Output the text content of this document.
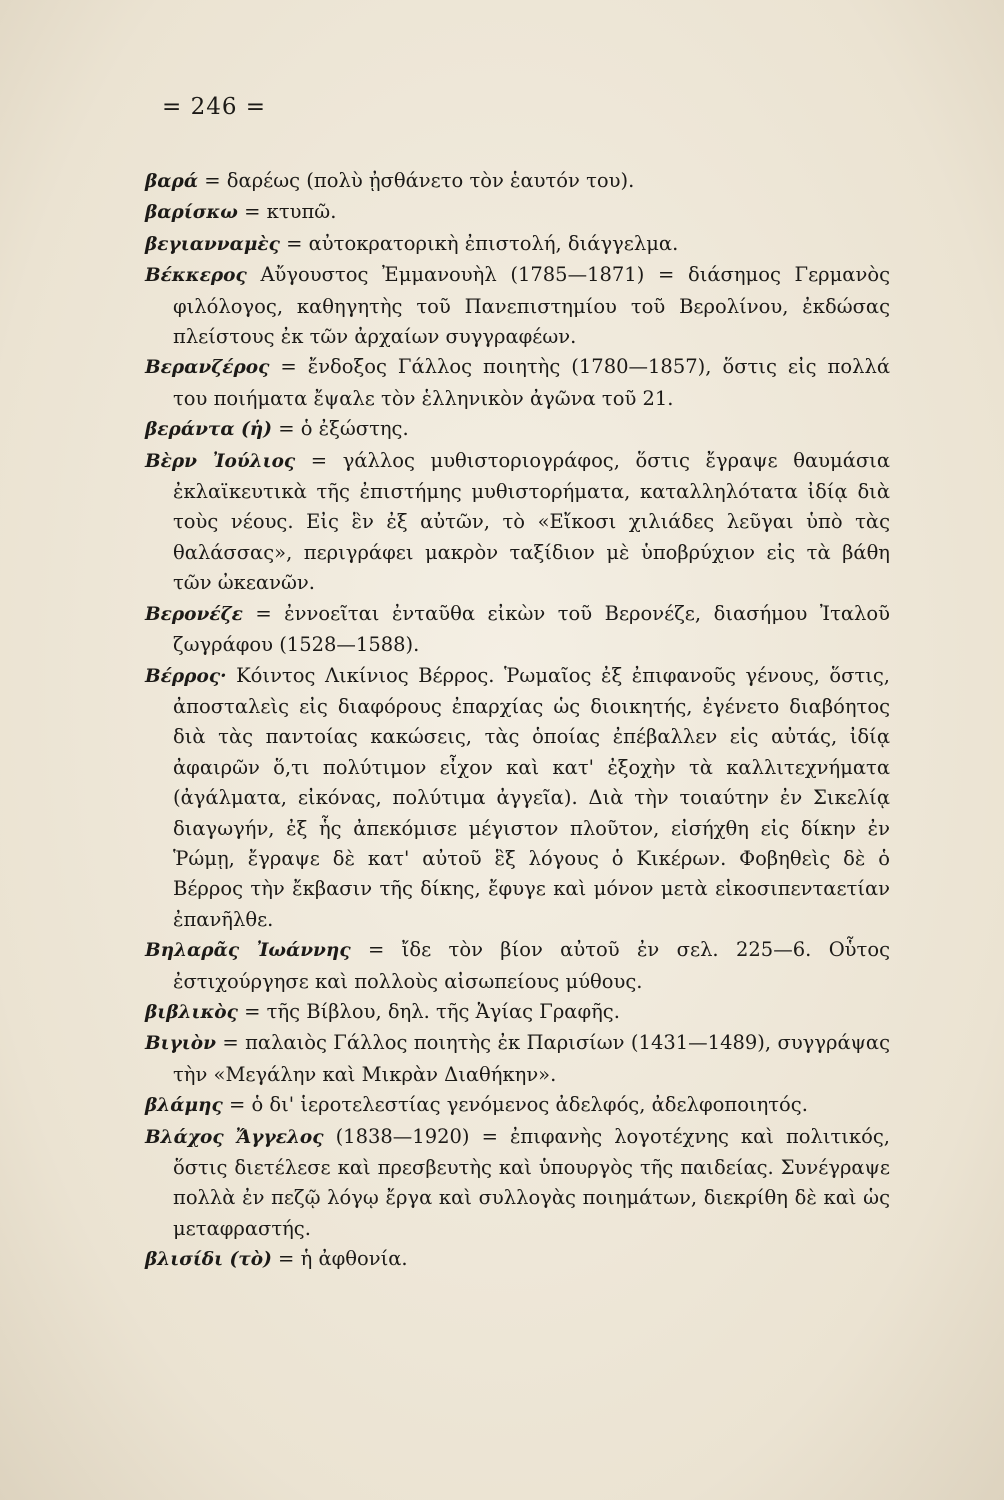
= 246 =

βαρά = δαρέως (πολὺ ᾐσθάνετο τὸν ἑαυτόν του).

βαρίσκω = κτυπῶ.

βεγιανναμὲς = αὐτοκρατορικὴ ἐπιστολή, διάγγελμα.

Βέκκερος Αὔγουστος Ἐμμανουὴλ (1785—1871) = διάσημος Γερμανὸς φιλόλογος, καθηγητὴς τοῦ Πανεπιστημίου τοῦ Βερολίνου, ἐκδώσας πλείστους ἐκ τῶν ἀρχαίων συγγραφέων.

Βερανζέρος = ἔνδοξος Γάλλος ποιητὴς (1780—1857), ὅστις εἰς πολλά του ποιήματα ἔψαλε τὸν ἑλληνικὸν ἀγῶνα τοῦ 21.

βεράντα (ἡ) = ὁ ἐξώστης.

Βὲρν Ἰούλιος = γάλλος μυθιστοριογράφος, ὅστις ἔγραψε θαυμάσια ἐκλαϊκευτικὰ τῆς ἐπιστήμης μυθιστορήματα, καταλληλότατα ἰδίᾳ διὰ τοὺς νέους. Εἰς ἓν ἐξ αὐτῶν, τὸ «Εἴκοσι χιλιάδες λεῦγαι ὑπὸ τὰς θαλάσσας», περιγράφει μακρὸν ταξίδιον μὲ ὑποβρύχιον εἰς τὰ βάθη τῶν ὠκεανῶν.

Βερονέζε = ἐννοεῖται ἐνταῦθα εἰκὼν τοῦ Βερονέζε, διασήμου Ἰταλοῦ ζωγράφου (1528—1588).

Βέρρος· Κόιντος Λικίνιος Βέρρος. Ῥωμαῖος ἐξ ἐπιφανοῦς γένους, ὅστις, ἀποσταλεὶς εἰς διαφόρους ἐπαρχίας ὡς διοικητής, ἐγένετο διαβόητος διὰ τὰς παντοίας κακώσεις, τὰς ὁποίας ἐπέβαλλεν εἰς αὐτάς, ἰδίᾳ ἀφαιρῶν ὅ,τι πολύτιμον εἶχον καὶ κατ' ἐξοχὴν τὰ καλλιτεχνήματα (ἀγάλματα, εἰκόνας, πολύτιμα ἀγγεῖα). Διὰ τὴν τοιαύτην ἐν Σικελίᾳ διαγωγήν, ἐξ ἧς ἀπεκόμισε μέγιστον πλοῦτον, εἰσήχθη εἰς δίκην ἐν Ῥώμῃ, ἔγραψε δὲ κατ' αὐτοῦ ἓξ λόγους ὁ Κικέρων. Φοβηθεὶς δὲ ὁ Βέρρος τὴν ἔκβασιν τῆς δίκης, ἔφυγε καὶ μόνον μετὰ εἰκοσιπενταετίαν ἐπανῆλθε.

Βηλαρᾶς Ἰωάννης = ἴδε τὸν βίον αὐτοῦ ἐν σελ. 225—6. Οὗτος ἐστιχούργησε καὶ πολλοὺς αἰσωπείους μύθους.

βιβλικὸς = τῆς Βίβλου, δηλ. τῆς Ἁγίας Γραφῆς.

Βιγιὸν = παλαιὸς Γάλλος ποιητὴς ἐκ Παρισίων (1431—1489), συγγράψας τὴν «Μεγάλην καὶ Μικρὰν Διαθήκην».

βλάμης = ὁ δι' ἱεροτελεστίας γενόμενος ἀδελφός, ἀδελφοποιητός.

Βλάχος Ἄγγελος (1838—1920) = ἐπιφανὴς λογοτέχνης καὶ πολιτικός, ὅστις διετέλεσε καὶ πρεσβευτὴς καὶ ὑπουργὸς τῆς παιδείας. Συνέγραψε πολλὰ ἐν πεζῷ λόγῳ ἔργα καὶ συλλογὰς ποιημάτων, διεκρίθη δὲ καὶ ὡς μεταφραστής.

βλισίδι (τὸ) = ἡ ἀφθονία.
